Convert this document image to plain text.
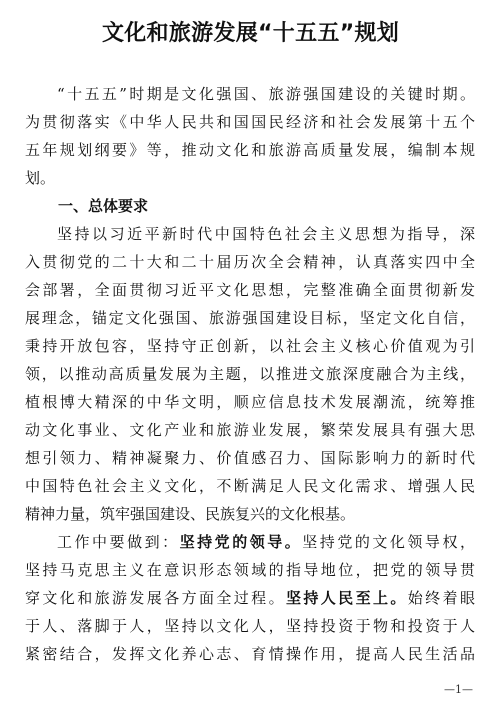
文化和旅游发展“十五五”规划
“十五五”时期是文化强国、旅游强国建设的关键时期。
为贯彻落实《中华人民共和国国民经济和社会发展第十五个
五年规划纲要》等，推动文化和旅游高质量发展，编制本规
划。
一、总体要求
坚持以习近平新时代中国特色社会主义思想为指导，深
入贯彻党的二十大和二十届历次全会精神，认真落实四中全
会部署，全面贯彻习近平文化思想，完整准确全面贯彻新发
展理念，锚定文化强国、旅游强国建设目标，坚定文化自信，
秉持开放包容，坚持守正创新，以社会主义核心价值观为引
领，以推动高质量发展为主题，以推进文旅深度融合为主线，
植根博大精深的中华文明，顺应信息技术发展潮流，统筹推
动文化事业、文化产业和旅游业发展，繁荣发展具有强大思
想引领力、精神凝聚力、价值感召力、国际影响力的新时代
中国特色社会主义文化，不断满足人民文化需求、增强人民
精神力量，筑牢强国建设、民族复兴的文化根基。
工作中要做到：坚持党的领导。坚持党的文化领导权，
坚持马克思主义在意识形态领域的指导地位，把党的领导贯
穿文化和旅游发展各方面全过程。坚持人民至上。始终着眼
于人、落脚于人，坚持以文化人，坚持投资于物和投资于人
紧密结合，发挥文化养心志、育情操作用，提高人民生活品
—1—
